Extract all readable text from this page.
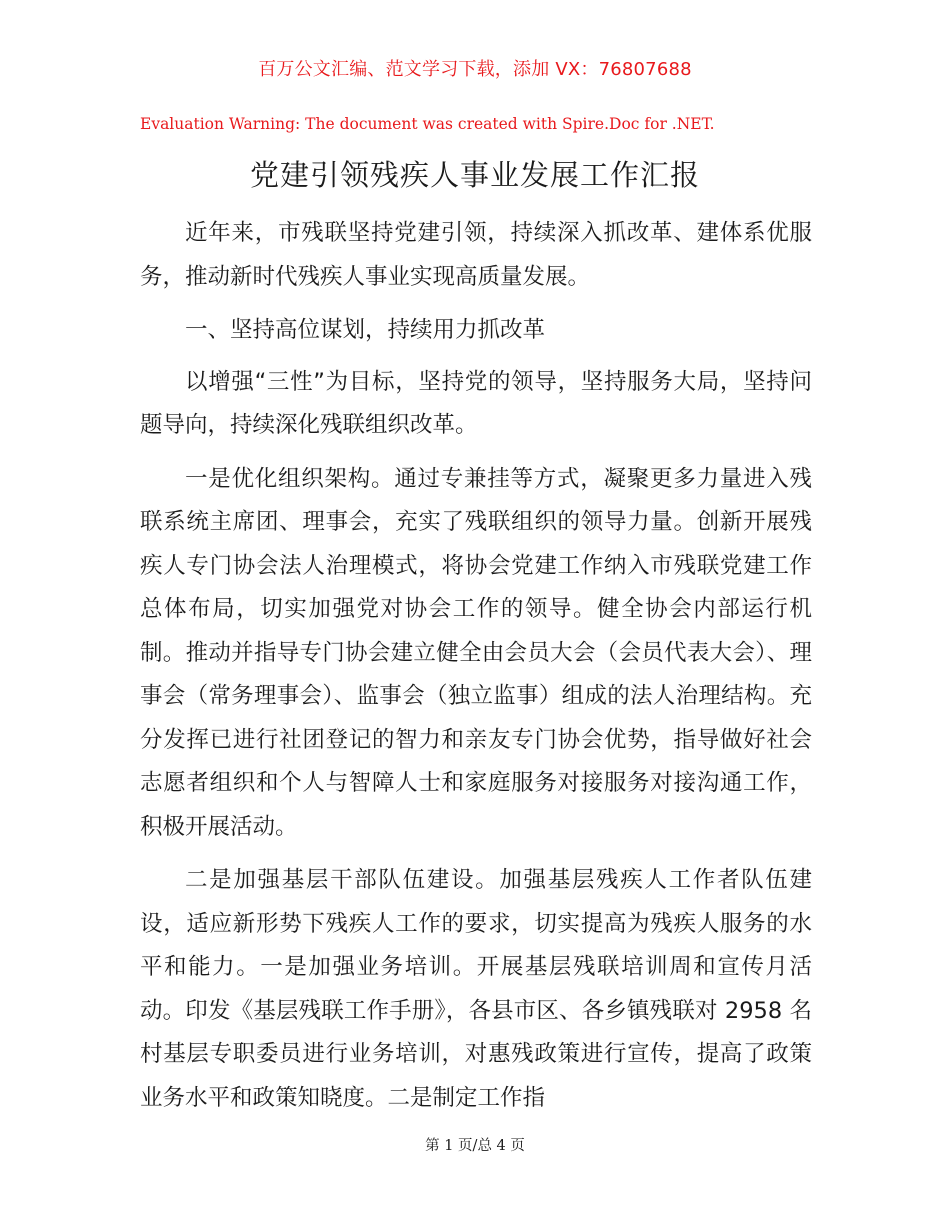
百万公文汇编、范文学习下载，添加 VX：76807688
Evaluation Warning: The document was created with Spire.Doc for .NET.
党建引领残疾人事业发展工作汇报

近年来，市残联坚持党建引领，持续深入抓改革、建体系优服务，推动新时代残疾人事业实现高质量发展。

一、坚持高位谋划，持续用力抓改革

以增强“三性”为目标，坚持党的领导，坚持服务大局，坚持问题导向，持续深化残联组织改革。

一是优化组织架构。通过专兼挂等方式，凝聚更多力量进入残联系统主席团、理事会，充实了残联组织的领导力量。创新开展残疾人专门协会法人治理模式，将协会党建工作纳入市残联党建工作总体布局，切实加强党对协会工作的领导。健全协会内部运行机制。推动并指导专门协会建立健全由会员大会（会员代表大会）、理事会（常务理事会）、监事会（独立监事）组成的法人治理结构。充分发挥已进行社团登记的智力和亲友专门协会优势，指导做好社会志愿者组织和个人与智障人士和家庭服务对接服务对接沟通工作，积极开展活动。

二是加强基层干部队伍建设。加强基层残疾人工作者队伍建设，适应新形势下残疾人工作的要求，切实提高为残疾人服务的水平和能力。一是加强业务培训。开展基层残联培训周和宣传月活动。印发《基层残联工作手册》，各县市区、各乡镇残联对 2958 名村基层专职委员进行业务培训，对惠残政策进行宣传，提高了政策业务水平和政策知晓度。二是制定工作指

第 1 页/总 4 页
